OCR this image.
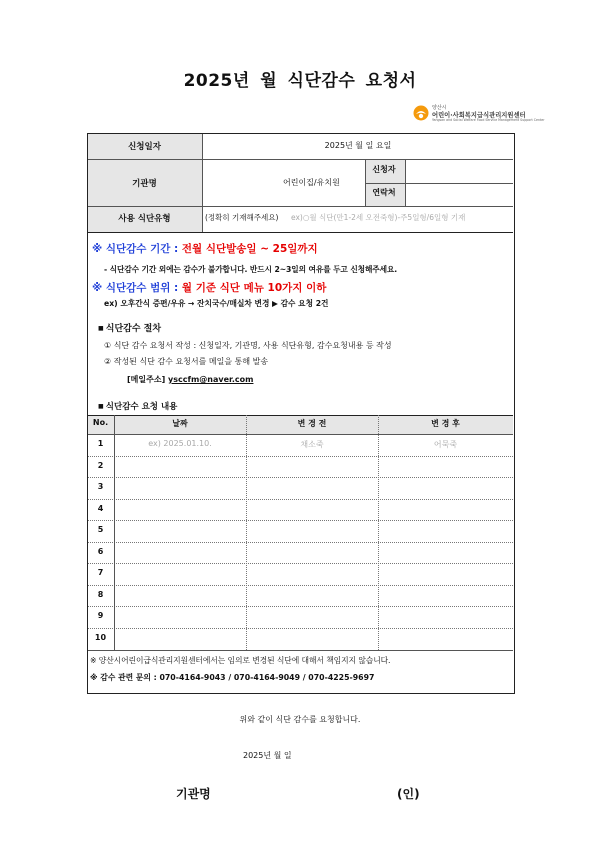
2025년 월 식단감수 요청서
양산시
어린이·사회복지급식관리지원센터
Yangsan and Social Welfare Food Service Management Support Center
신청일자	2025년 월 일 요일
기관명	어린이집/유치원
신청자
연락처
사용 식단유형	(정확히 기재해주세요) ex)○월 식단(만1-2세 오전죽형)-주5일형/6일형 기재
※ 식단감수 기간 : 전월 식단발송일 ~ 25일까지
- 식단감수 기간 외에는 감수가 불가합니다. 반드시 2~3일의 여유를 두고 신청해주세요.
※ 식단감수 범위 : 월 기준 식단 메뉴 10가지 이하
ex) 오후간식 증편/우유 → 잔치국수/매실차 변경 ▶ 감수 요청 2건
■ 식단감수 절차
① 식단 감수 요청서 작성 : 신청일자, 기관명, 사용 식단유형, 감수요청내용 등 작성
② 작성된 식단 감수 요청서를 메일을 통해 발송
[메일주소] ysccfm@naver.com
■ 식단감수 요청 내용
No.	날짜	변 경 전	변 경 후
1	ex) 2025.01.10.	채소죽	어묵죽
2
3
4
5
6
7
8
9
10
※ 양산시어린이급식관리지원센터에서는 임의로 변경된 식단에 대해서 책임지지 않습니다.
※ 감수 관련 문의 : 070-4164-9043 / 070-4164-9049 / 070-4225-9697
위와 같이 식단 감수를 요청합니다.
2025년 월 일
기관명	(인)
